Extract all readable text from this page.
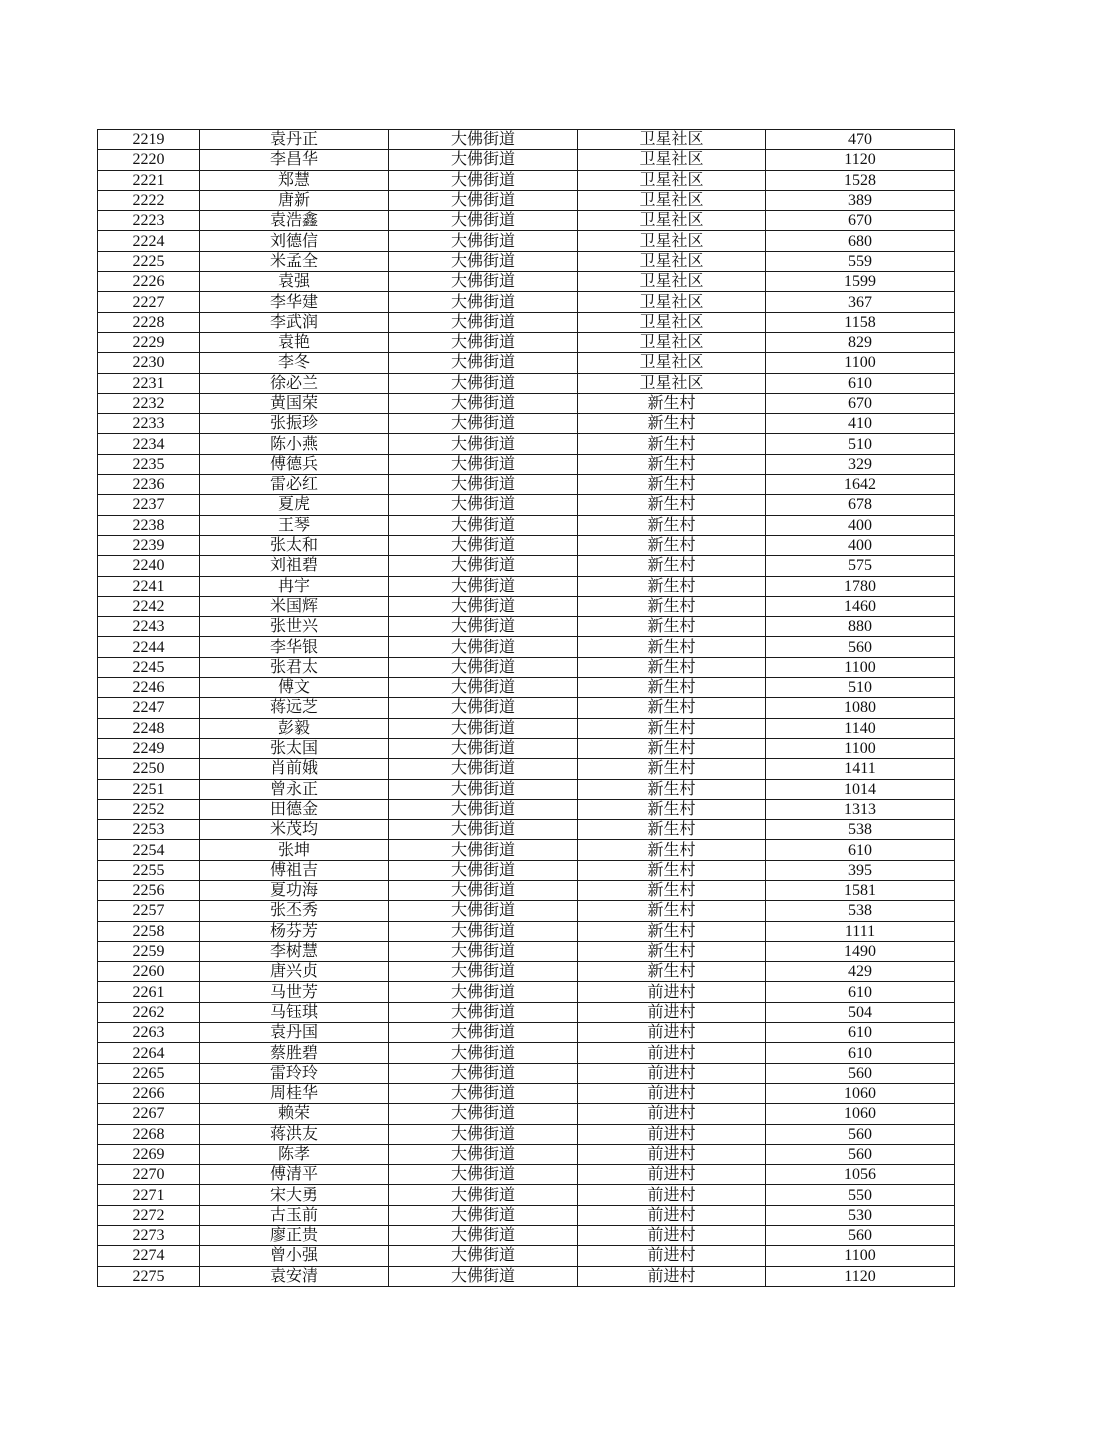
2219	袁丹正	大佛街道	卫星社区	470
2220	李昌华	大佛街道	卫星社区	1120
2221	郑慧	大佛街道	卫星社区	1528
2222	唐新	大佛街道	卫星社区	389
2223	袁浩鑫	大佛街道	卫星社区	670
2224	刘德信	大佛街道	卫星社区	680
2225	米孟全	大佛街道	卫星社区	559
2226	袁强	大佛街道	卫星社区	1599
2227	李华建	大佛街道	卫星社区	367
2228	李武润	大佛街道	卫星社区	1158
2229	袁艳	大佛街道	卫星社区	829
2230	李冬	大佛街道	卫星社区	1100
2231	徐必兰	大佛街道	卫星社区	610
2232	黄国荣	大佛街道	新生村	670
2233	张振珍	大佛街道	新生村	410
2234	陈小燕	大佛街道	新生村	510
2235	傅德兵	大佛街道	新生村	329
2236	雷必红	大佛街道	新生村	1642
2237	夏虎	大佛街道	新生村	678
2238	王琴	大佛街道	新生村	400
2239	张太和	大佛街道	新生村	400
2240	刘祖碧	大佛街道	新生村	575
2241	冉宇	大佛街道	新生村	1780
2242	米国辉	大佛街道	新生村	1460
2243	张世兴	大佛街道	新生村	880
2244	李华银	大佛街道	新生村	560
2245	张君太	大佛街道	新生村	1100
2246	傅文	大佛街道	新生村	510
2247	蒋远芝	大佛街道	新生村	1080
2248	彭毅	大佛街道	新生村	1140
2249	张太国	大佛街道	新生村	1100
2250	肖前娥	大佛街道	新生村	1411
2251	曾永正	大佛街道	新生村	1014
2252	田德金	大佛街道	新生村	1313
2253	米茂均	大佛街道	新生村	538
2254	张坤	大佛街道	新生村	610
2255	傅祖吉	大佛街道	新生村	395
2256	夏功海	大佛街道	新生村	1581
2257	张丕秀	大佛街道	新生村	538
2258	杨芬芳	大佛街道	新生村	1111
2259	李树慧	大佛街道	新生村	1490
2260	唐兴贞	大佛街道	新生村	429
2261	马世芳	大佛街道	前进村	610
2262	马钰琪	大佛街道	前进村	504
2263	袁丹国	大佛街道	前进村	610
2264	蔡胜碧	大佛街道	前进村	610
2265	雷玲玲	大佛街道	前进村	560
2266	周桂华	大佛街道	前进村	1060
2267	赖荣	大佛街道	前进村	1060
2268	蒋洪友	大佛街道	前进村	560
2269	陈孝	大佛街道	前进村	560
2270	傅清平	大佛街道	前进村	1056
2271	宋大勇	大佛街道	前进村	550
2272	古玉前	大佛街道	前进村	530
2273	廖正贵	大佛街道	前进村	560
2274	曾小强	大佛街道	前进村	1100
2275	袁安清	大佛街道	前进村	1120
